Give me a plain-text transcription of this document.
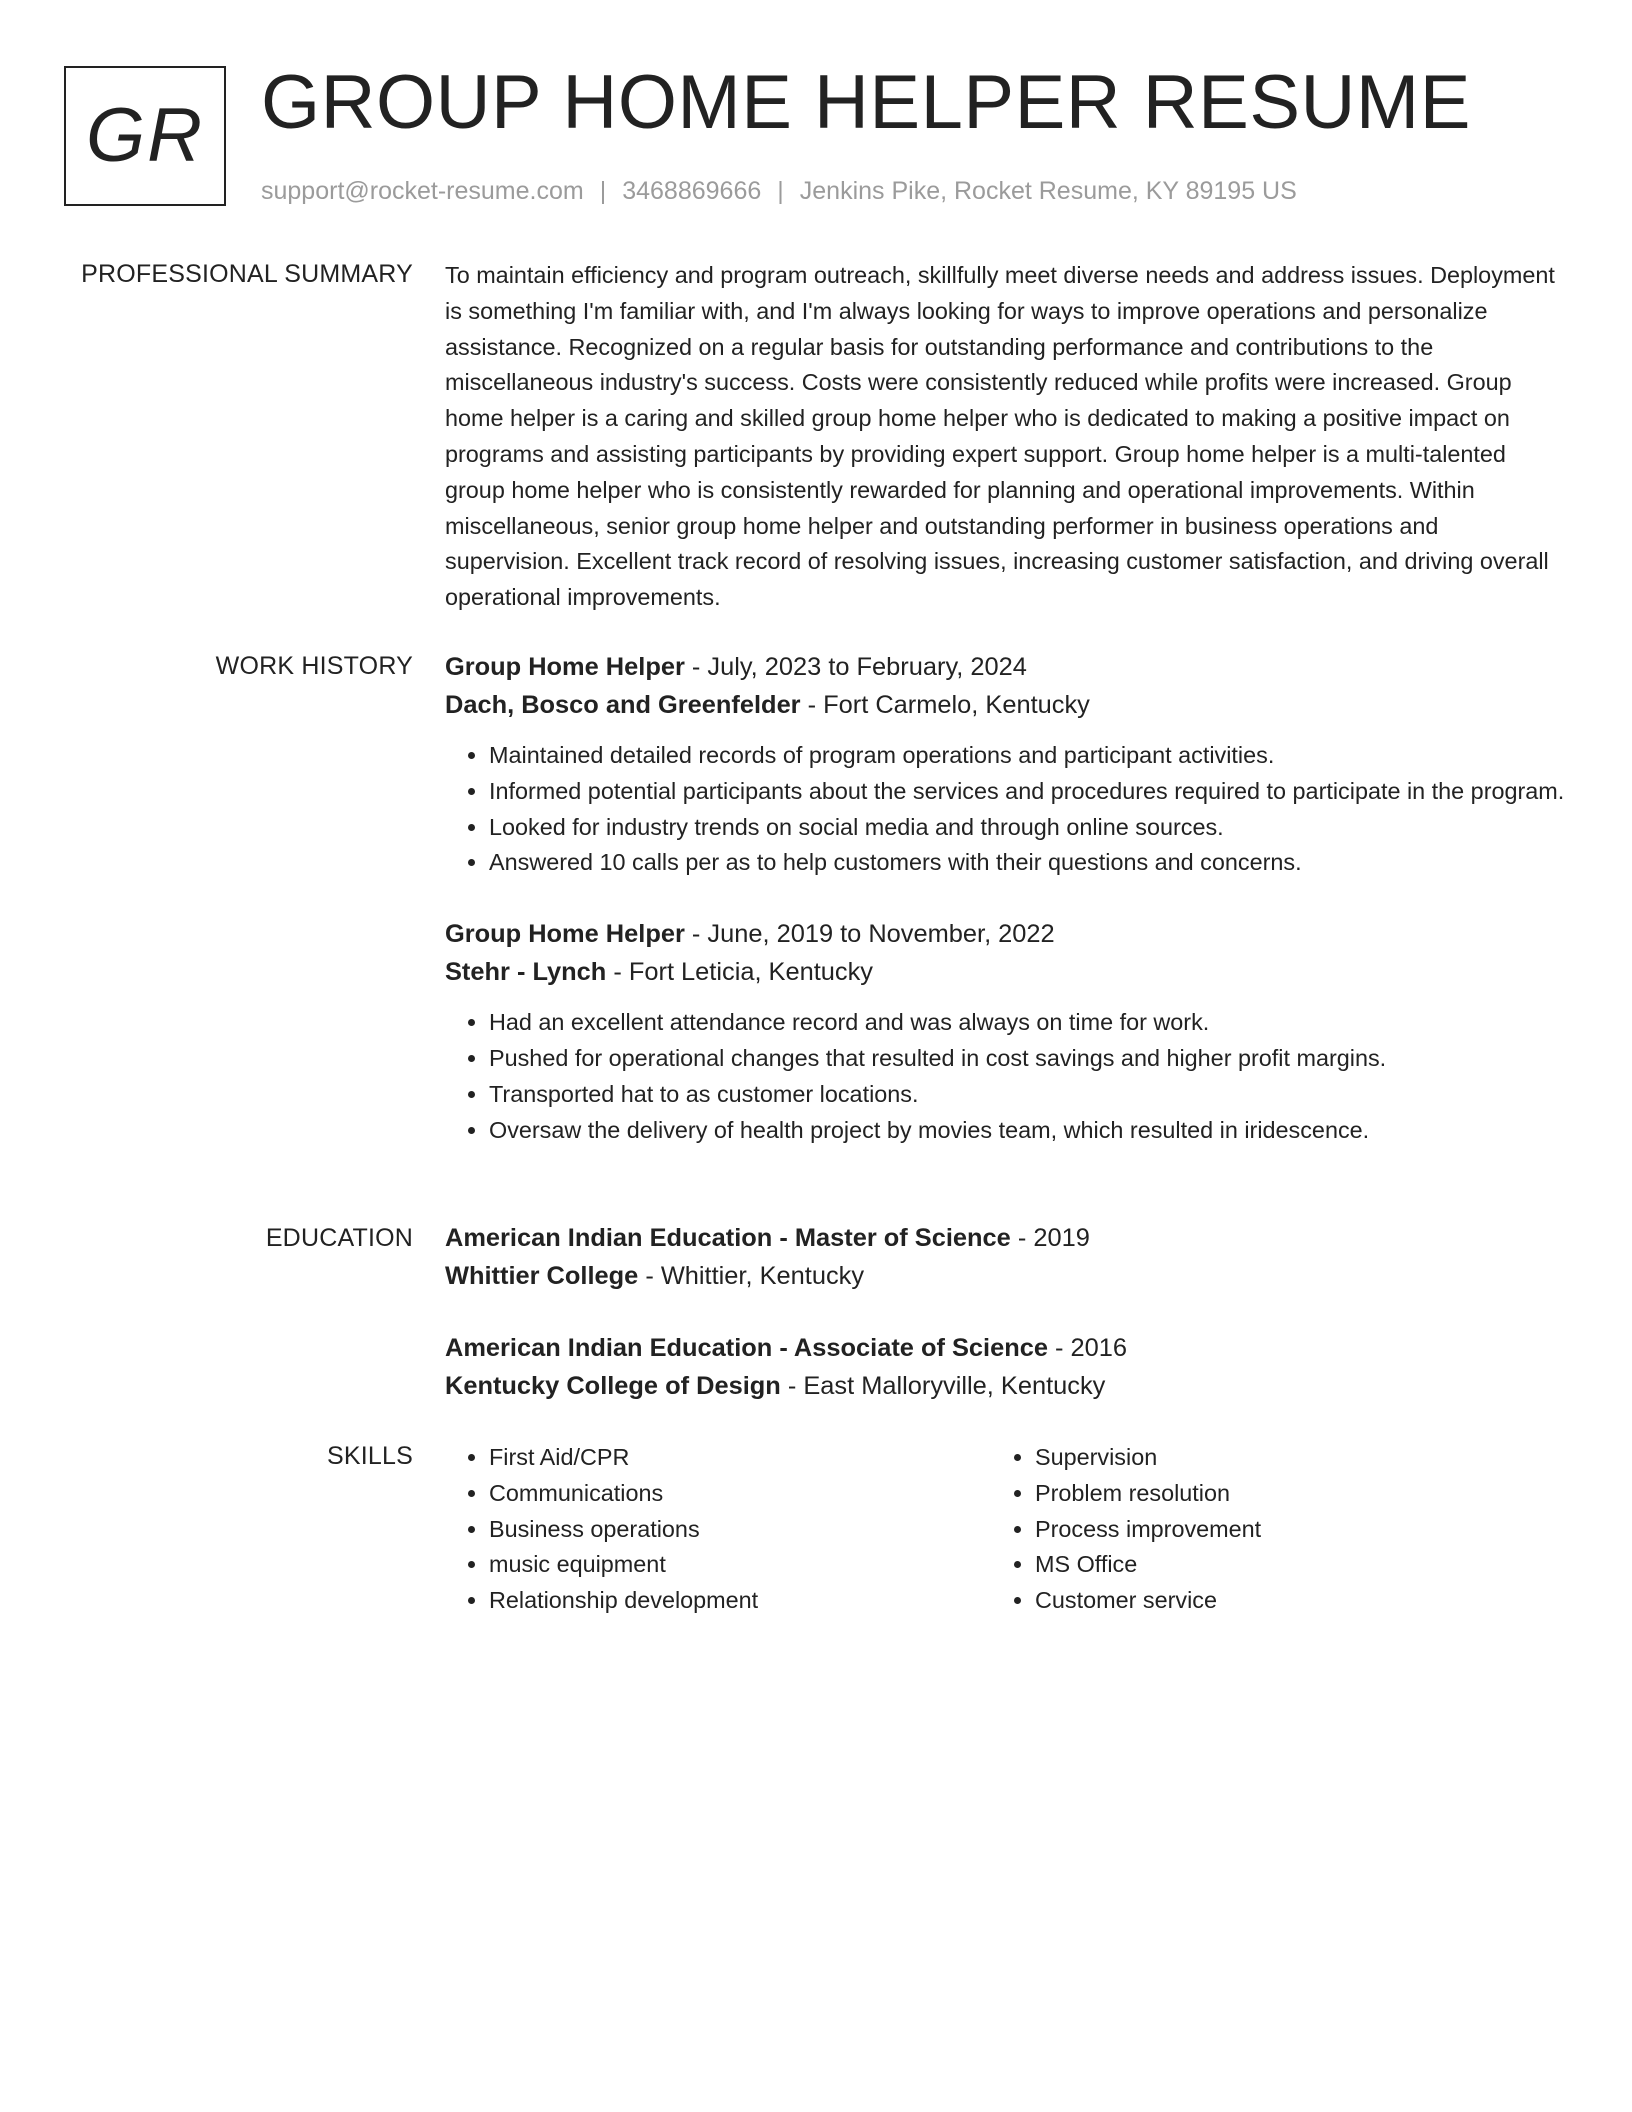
GR GROUP HOME HELPER RESUME
support@rocket-resume.com | 3468869666 | Jenkins Pike, Rocket Resume, KY 89195 US
PROFESSIONAL SUMMARY To maintain efficiency and program outreach, skillfully meet diverse needs and address issues. Deployment is something I'm familiar with, and I'm always looking for ways to improve operations and personalize assistance. Recognized on a regular basis for outstanding performance and contributions to the miscellaneous industry's success. Costs were consistently reduced while profits were increased. Group home helper is a caring and skilled group home helper who is dedicated to making a positive impact on programs and assisting participants by providing expert support. Group home helper is a multi-talented group home helper who is consistently rewarded for planning and operational improvements. Within miscellaneous, senior group home helper and outstanding performer in business operations and supervision. Excellent track record of resolving issues, increasing customer satisfaction, and driving overall operational improvements.

WORK HISTORY Group Home Helper - July, 2023 to February, 2024
Dach, Bosco and Greenfelder - Fort Carmelo, Kentucky
• Maintained detailed records of program operations and participant activities.
• Informed potential participants about the services and procedures required to participate in the program.
• Looked for industry trends on social media and through online sources.
• Answered 10 calls per as to help customers with their questions and concerns.
Group Home Helper - June, 2019 to November, 2022
Stehr - Lynch - Fort Leticia, Kentucky
• Had an excellent attendance record and was always on time for work.
• Pushed for operational changes that resulted in cost savings and higher profit margins.
• Transported hat to as customer locations.
• Oversaw the delivery of health project by movies team, which resulted in iridescence.
EDUCATION American Indian Education - Master of Science - 2019
Whittier College - Whittier, Kentucky
American Indian Education - Associate of Science - 2016
Kentucky College of Design - East Malloryville, Kentucky
SKILLS
•	First Aid/CPR
• Communications
• Business operations
• music equipment
• Relationship development
• Supervision
• Problem resolution
• Process improvement
• MS Office
• Customer service
